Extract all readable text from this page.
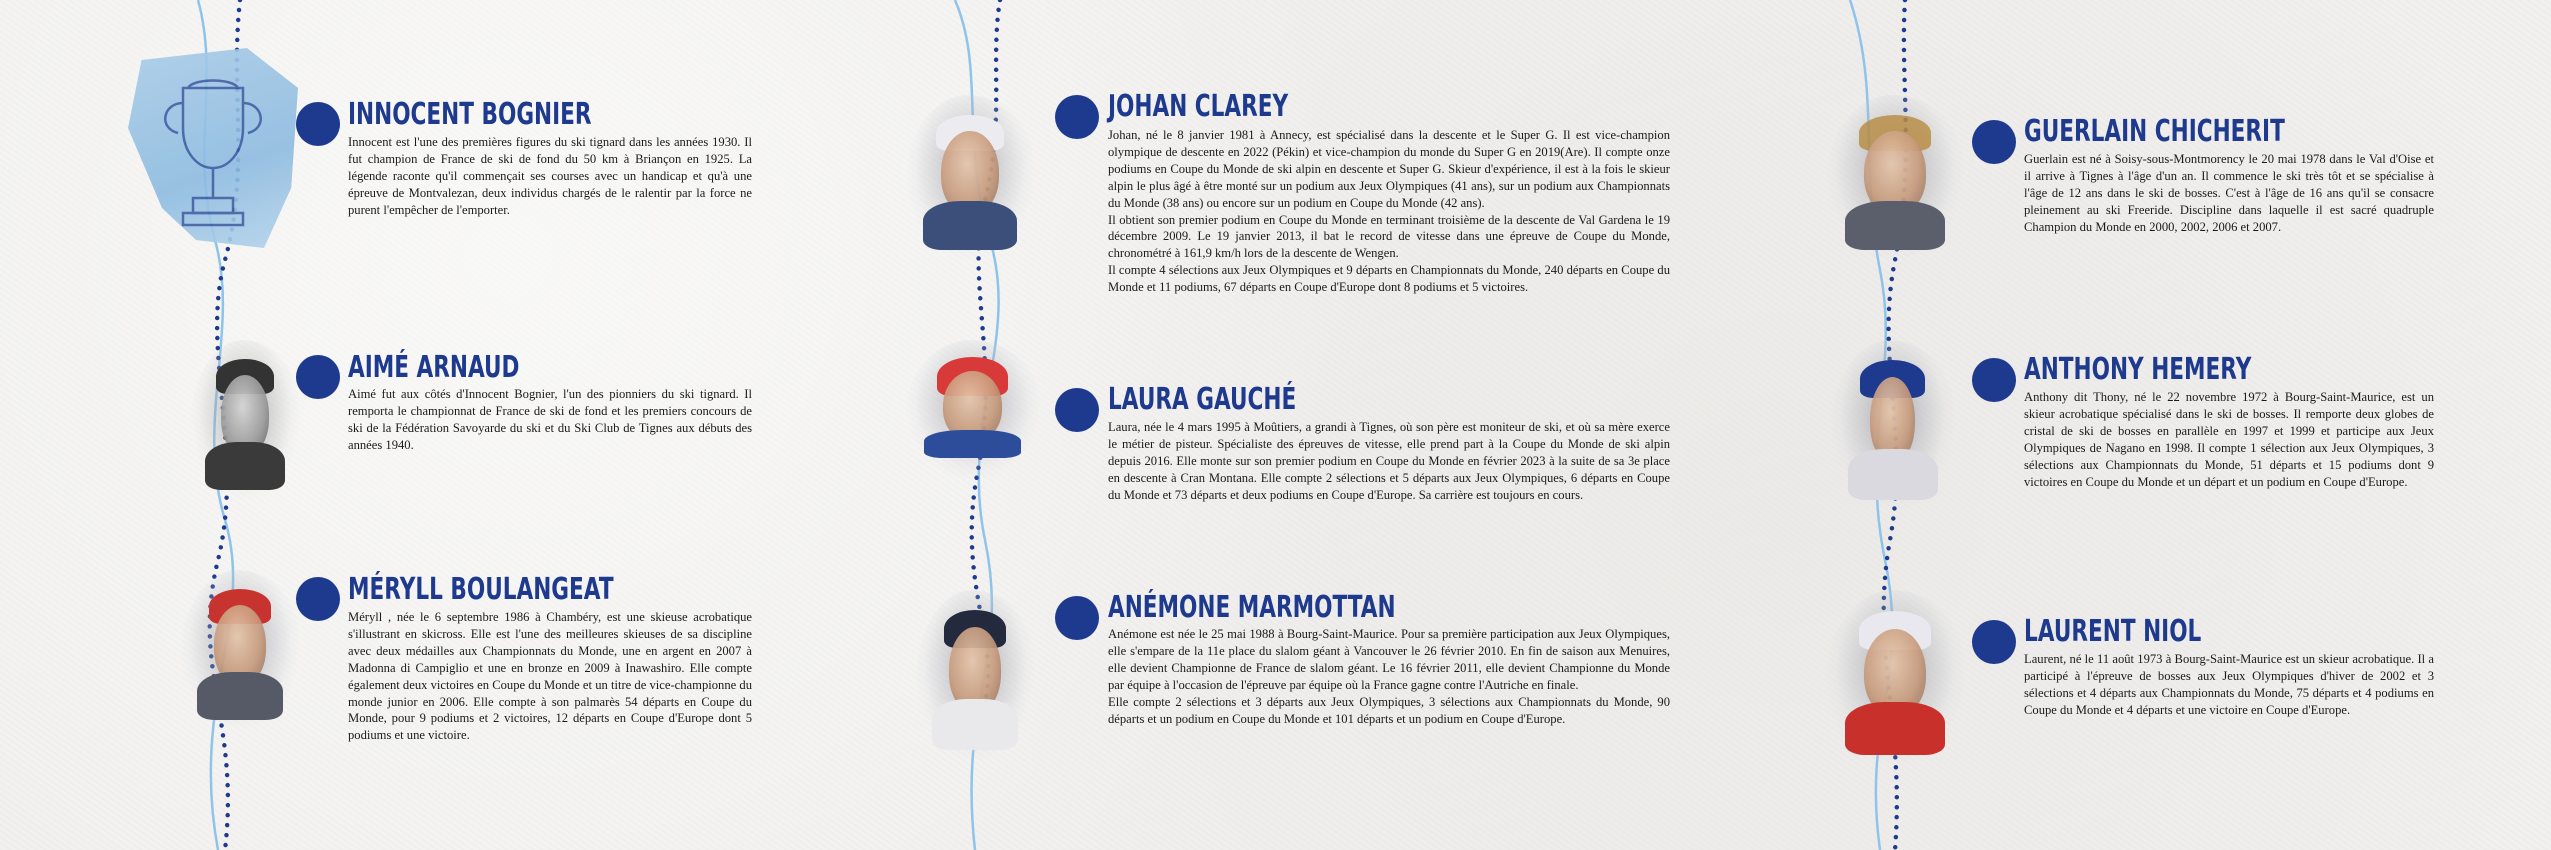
INNOCENT BOGNIER

Innocent est l'une des premières figures du ski tignard dans les années 1930. Il fut champion de France de ski de fond du 50 km à Briançon en 1925. La légende raconte qu'il commençait ses courses avec un handicap et qu'à une épreuve de Montvalezan, deux individus chargés de le ralentir par la force ne purent l'empêcher de l'emporter.

AIMÉ ARNAUD

Aimé fut aux côtés d'Innocent Bognier, l'un des pionniers du ski tignard. Il remporta le championnat de France de ski de fond et les premiers concours de ski de la Fédération Savoyarde du ski et du Ski Club de Tignes aux débuts des années 1940.

MÉRYLL BOULANGEAT

Méryll , née le 6 septembre 1986 à Chambéry, est une skieuse acrobatique s'illustrant en skicross. Elle est l'une des meilleures skieuses de sa discipline avec deux médailles aux Championnats du Monde, une en argent en 2007 à Madonna di Campiglio et une en bronze en 2009 à Inawashiro. Elle compte également deux victoires en Coupe du Monde et un titre de vice-championne du monde junior en 2006. Elle compte à son palmarès 54 départs en Coupe du Monde, pour 9 podiums et 2 victoires, 12 départs en Coupe d'Europe dont 5 podiums et une victoire.

JOHAN CLAREY

Johan, né le 8 janvier 1981 à Annecy, est spécialisé dans la descente et le Super G. Il est vice-champion olympique de descente en 2022 (Pékin) et vice-champion du monde du Super G en 2019(Are). Il compte onze podiums en Coupe du Monde de ski alpin en descente et Super G. Skieur d'expérience, il est à la fois le skieur alpin le plus âgé à être monté sur un podium aux Jeux Olympiques (41 ans), sur un podium aux Championnats du Monde (38 ans) ou encore sur un podium en Coupe du Monde (42 ans).
Il obtient son premier podium en Coupe du Monde en terminant troisième de la descente de Val Gardena le 19 décembre 2009. Le 19 janvier 2013, il bat le record de vitesse dans une épreuve de Coupe du Monde, chronométré à 161,9 km/h lors de la descente de Wengen.
Il compte 4 sélections aux Jeux Olympiques et 9 départs en Championnats du Monde, 240 départs en Coupe du Monde et 11 podiums, 67 départs en Coupe d'Europe dont 8 podiums et 5 victoires.

LAURA GAUCHÉ

Laura, née le 4 mars 1995 à Moûtiers, a grandi à Tignes, où son père est moniteur de ski, et où sa mère exerce le métier de pisteur. Spécialiste des épreuves de vitesse, elle prend part à la Coupe du Monde de ski alpin depuis 2016. Elle monte sur son premier podium en Coupe du Monde en février 2023 à la suite de sa 3e place en descente à Cran Montana. Elle compte 2 sélections et 5 départs aux Jeux Olympiques, 6 départs en Coupe du Monde et 73 départs et deux podiums en Coupe d'Europe. Sa carrière est toujours en cours.

ANÉMONE MARMOTTAN

Anémone est née le 25 mai 1988 à Bourg-Saint-Maurice. Pour sa première participation aux Jeux Olympiques, elle s'empare de la 11e place du slalom géant à Vancouver le 26 février 2010. En fin de saison aux Menuires, elle devient Championne de France de slalom géant. Le 16 février 2011, elle devient Championne du Monde par équipe à l'occasion de l'épreuve par équipe où la France gagne contre l'Autriche en finale.
Elle compte 2 sélections et 3 départs aux Jeux Olympiques, 3 sélections aux Championnats du Monde, 90 départs et un podium en Coupe du Monde et 101 départs et un podium en Coupe d'Europe.

GUERLAIN CHICHERIT

Guerlain est né à Soisy-sous-Montmorency le 20 mai 1978 dans le Val d'Oise et il arrive à Tignes à l'âge d'un an. Il commence le ski très tôt et se spécialise à l'âge de 12 ans dans le ski de bosses. C'est à l'âge de 16 ans qu'il se consacre pleinement au ski Freeride. Discipline dans laquelle il est sacré quadruple Champion du Monde en 2000, 2002, 2006 et 2007.

ANTHONY HEMERY

Anthony dit Thony, né le 22 novembre 1972 à Bourg-Saint-Maurice, est un skieur acrobatique spécialisé dans le ski de bosses. Il remporte deux globes de cristal de ski de bosses en parallèle en 1997 et 1999 et participe aux Jeux Olympiques de Nagano en 1998. Il compte 1 sélection aux Jeux Olympiques, 3 sélections aux Championnats du Monde, 51 départs et 15 podiums dont 9 victoires en Coupe du Monde et un départ et un podium en Coupe d'Europe.

LAURENT NIOL

Laurent, né le 11 août 1973 à Bourg-Saint-Maurice est un skieur acrobatique. Il a participé à l'épreuve de bosses aux Jeux Olympiques d'hiver de 2002 et 3 sélections et 4 départs aux Championnats du Monde, 75 départs et 4 podiums en Coupe du Monde et 4 départs et une victoire en Coupe d'Europe.
